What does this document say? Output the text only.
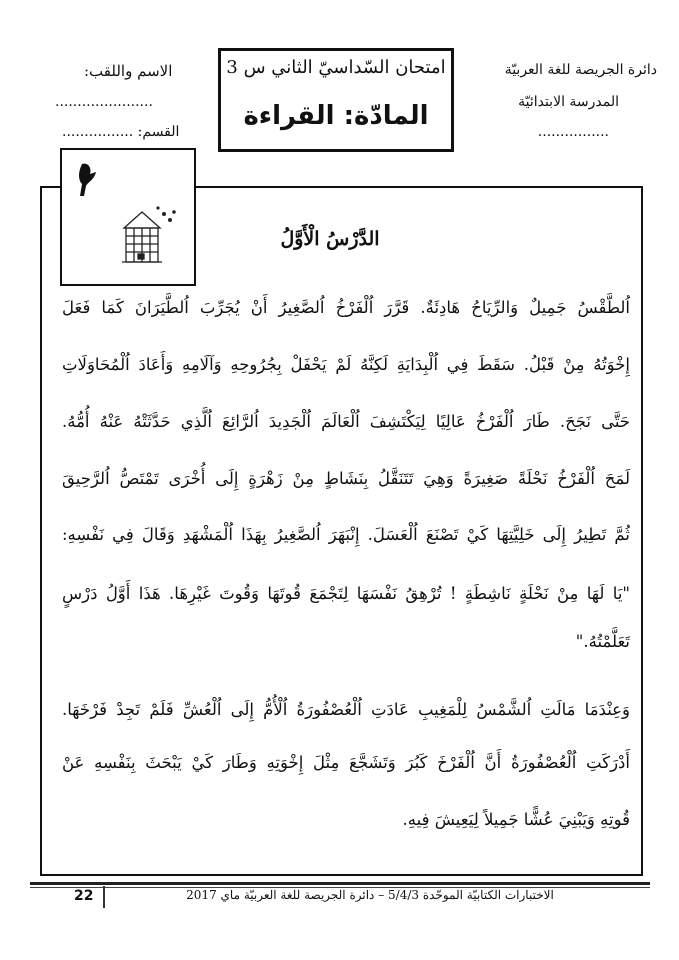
دائرة الجريصة للغة العربيّة
المدرسة الابتدائيّة
................
امتحان السّداسيّ الثاني س 3
المادّة: القراءة
الاسم واللقب:
......................
................ القسم:
الدَّرْسُ الْأَوَّلُ
اُلطَّقْسُ جَمِيلٌ وَالرِّيَاحُ هَادِئَةٌ. قَرَّرَ اُلْفَرْخُ اُلصَّغِيرُ أَنْ يُجَرِّبَ اُلطَّيَرَانَ كَمَا فَعَلَ
إِخْوَتُهُ مِنْ قَبْلُ. سَقَطَ فِي اُلْبِدَايَةِ لَكِنَّهُ لَمْ يَحْفَلْ بِجُرُوحِهِ وَآلَامِهِ وَأَعَادَ اُلْمُحَاوَلَاتِ
حَتَّى نَجَحَ. طَارَ اُلْفَرْخُ عَالِيًا لِيَكْتَشِفَ اُلْعَالَمَ اُلْجَدِيدَ اُلرَّائِعَ اُلَّذِي حَدَّثَتْهُ عَنْهُ أُمُّهُ.
لَمَحَ اُلْفَرْخُ نَحْلَةً صَغِيرَةً وَهِيَ تَتَنَقَّلُ بِنَشَاطٍ مِنْ زَهْرَةٍ إِلَى أُخْرَى تَمْتَصُّ اُلرَّحِيقَ
ثُمَّ تَطِيرُ إِلَى خَلِيَّتِهَا كَيْ تَصْنَعَ اُلْعَسَلَ. إِنْبَهَرَ اُلصَّغِيرُ بِهَذَا اُلْمَشْهَدِ وَقَالَ فِي نَفْسِهِ:
"يَا لَهَا مِنْ نَحْلَةٍ نَاشِطَةٍ ! تُرْهِقُ نَفْسَهَا لِتَجْمَعَ قُوتَهَا وَقُوتَ غَيْرِهَا. هَذَا أَوَّلُ دَرْسٍ
تَعَلَّمْتُهُ."
وَعِنْدَمَا مَالَتِ اُلشَّمْسُ لِلْمَغِيبِ عَادَتِ اُلْعُصْفُورَةُ اُلْأُمُّ إِلَى اُلْعُشِّ فَلَمْ تَجِدْ فَرْخَهَا.
أَدْرَكَتِ اُلْعُصْفُورَةُ أَنَّ اُلْفَرْخَ كَبُرَ وَتَشَجَّعَ مِثْلَ إِخْوَتِهِ وَطَارَ كَيْ يَبْحَثَ بِنَفْسِهِ عَنْ
قُوتِهِ وَيَبْنِيَ عُشًّا جَمِيلاً لِيَعِيشَ فِيهِ.
22	الاختبارات الكتابيّة الموحّدة 5/4/3 – دائرة الجريصة للغة العربيّة ماي 2017
